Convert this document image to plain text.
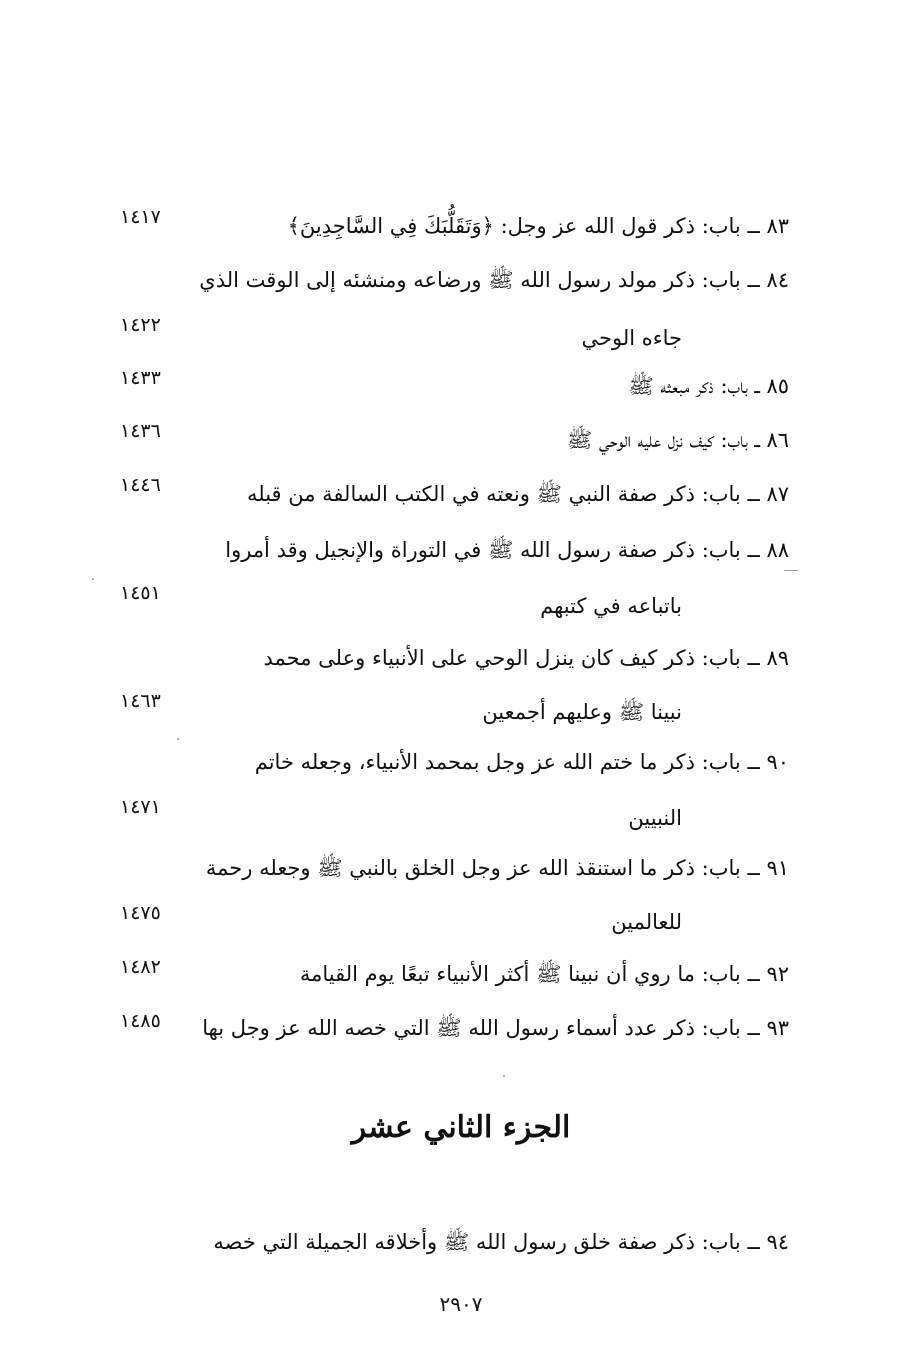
٨٣ ــ باب: ذكر قول الله عز وجل: ﴿وَتَقَلُّبَكَ فِي السَّاجِدِينَ﴾
١٤١٧
٨٤ ــ باب: ذكر مولد رسول الله ﷺ ورضاعه ومنشئه إلى الوقت الذي
جاءه الوحي
١٤٢٢
٨٥ ــ باب: ذكر مبعثه ﷺ
١٤٣٣
٨٦ ــ باب: كيف نزل عليه الوحي ﷺ
١٤٣٦
٨٧ ــ باب: ذكر صفة النبي ﷺ ونعته في الكتب السالفة من قبله
١٤٤٦
٨٨ ــ باب: ذكر صفة رسول الله ﷺ في التوراة والإنجيل وقد أمروا
باتباعه في كتبهم
١٤٥١
٨٩ ــ باب: ذكر كيف كان ينزل الوحي على الأنبياء وعلى محمد
نبينا ﷺ وعليهم أجمعين
١٤٦٣
٩٠ ــ باب: ذكر ما ختم الله عز وجل بمحمد الأنبياء، وجعله خاتم
النبيين
١٤٧١
٩١ ــ باب: ذكر ما استنقذ الله عز وجل الخلق بالنبي ﷺ وجعله رحمة
للعالمين
١٤٧٥
٩٢ ــ باب: ما روي أن نبينا ﷺ أكثر الأنبياء تبعًا يوم القيامة
١٤٨٢
٩٣ ــ باب: ذكر عدد أسماء رسول الله ﷺ التي خصه الله عز وجل بها
١٤٨٥
الجزء الثاني عشر
٩٤ ــ باب: ذكر صفة خلق رسول الله ﷺ وأخلاقه الجميلة التي خصه
٢٩٠٧
